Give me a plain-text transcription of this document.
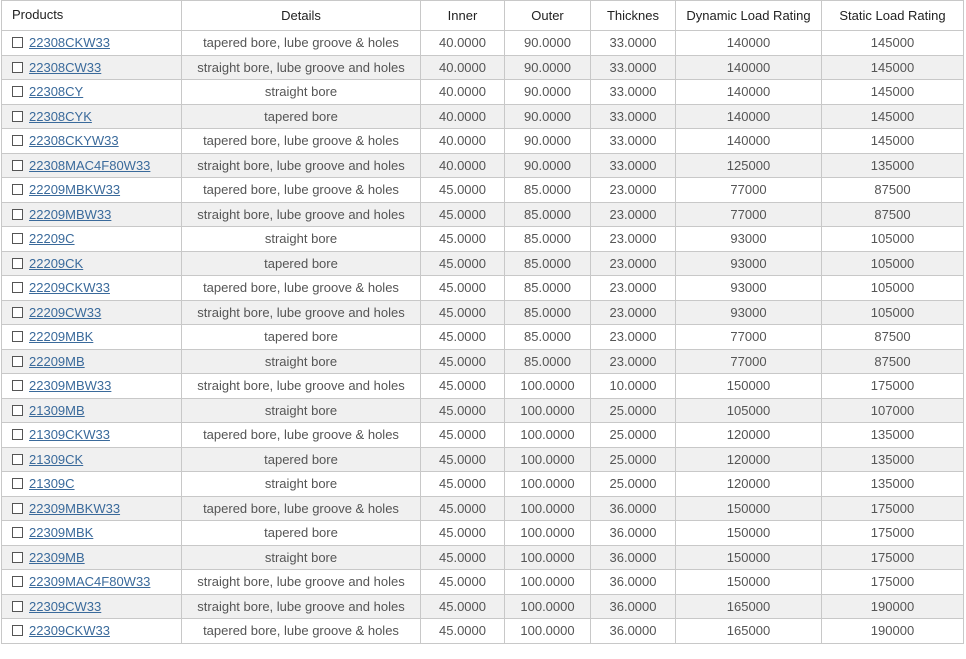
Products	Details	Inner	Outer	Thicknes	Dynamic Load Rating	Static Load Rating
22308CKW33	tapered bore, lube groove & holes	40.0000	90.0000	33.0000	140000	145000
22308CW33	straight bore, lube groove and holes	40.0000	90.0000	33.0000	140000	145000
22308CY	straight bore	40.0000	90.0000	33.0000	140000	145000
22308CYK	tapered bore	40.0000	90.0000	33.0000	140000	145000
22308CKYW33	tapered bore, lube groove & holes	40.0000	90.0000	33.0000	140000	145000
22308MAC4F80W33	straight bore, lube groove and holes	40.0000	90.0000	33.0000	125000	135000
22209MBKW33	tapered bore, lube groove & holes	45.0000	85.0000	23.0000	77000	87500
22209MBW33	straight bore, lube groove and holes	45.0000	85.0000	23.0000	77000	87500
22209C	straight bore	45.0000	85.0000	23.0000	93000	105000
22209CK	tapered bore	45.0000	85.0000	23.0000	93000	105000
22209CKW33	tapered bore, lube groove & holes	45.0000	85.0000	23.0000	93000	105000
22209CW33	straight bore, lube groove and holes	45.0000	85.0000	23.0000	93000	105000
22209MBK	tapered bore	45.0000	85.0000	23.0000	77000	87500
22209MB	straight bore	45.0000	85.0000	23.0000	77000	87500
22309MBW33	straight bore, lube groove and holes	45.0000	100.0000	10.0000	150000	175000
21309MB	straight bore	45.0000	100.0000	25.0000	105000	107000
21309CKW33	tapered bore, lube groove & holes	45.0000	100.0000	25.0000	120000	135000
21309CK	tapered bore	45.0000	100.0000	25.0000	120000	135000
21309C	straight bore	45.0000	100.0000	25.0000	120000	135000
22309MBKW33	tapered bore, lube groove & holes	45.0000	100.0000	36.0000	150000	175000
22309MBK	tapered bore	45.0000	100.0000	36.0000	150000	175000
22309MB	straight bore	45.0000	100.0000	36.0000	150000	175000
22309MAC4F80W33	straight bore, lube groove and holes	45.0000	100.0000	36.0000	150000	175000
22309CW33	straight bore, lube groove and holes	45.0000	100.0000	36.0000	165000	190000
22309CKW33	tapered bore, lube groove & holes	45.0000	100.0000	36.0000	165000	190000
